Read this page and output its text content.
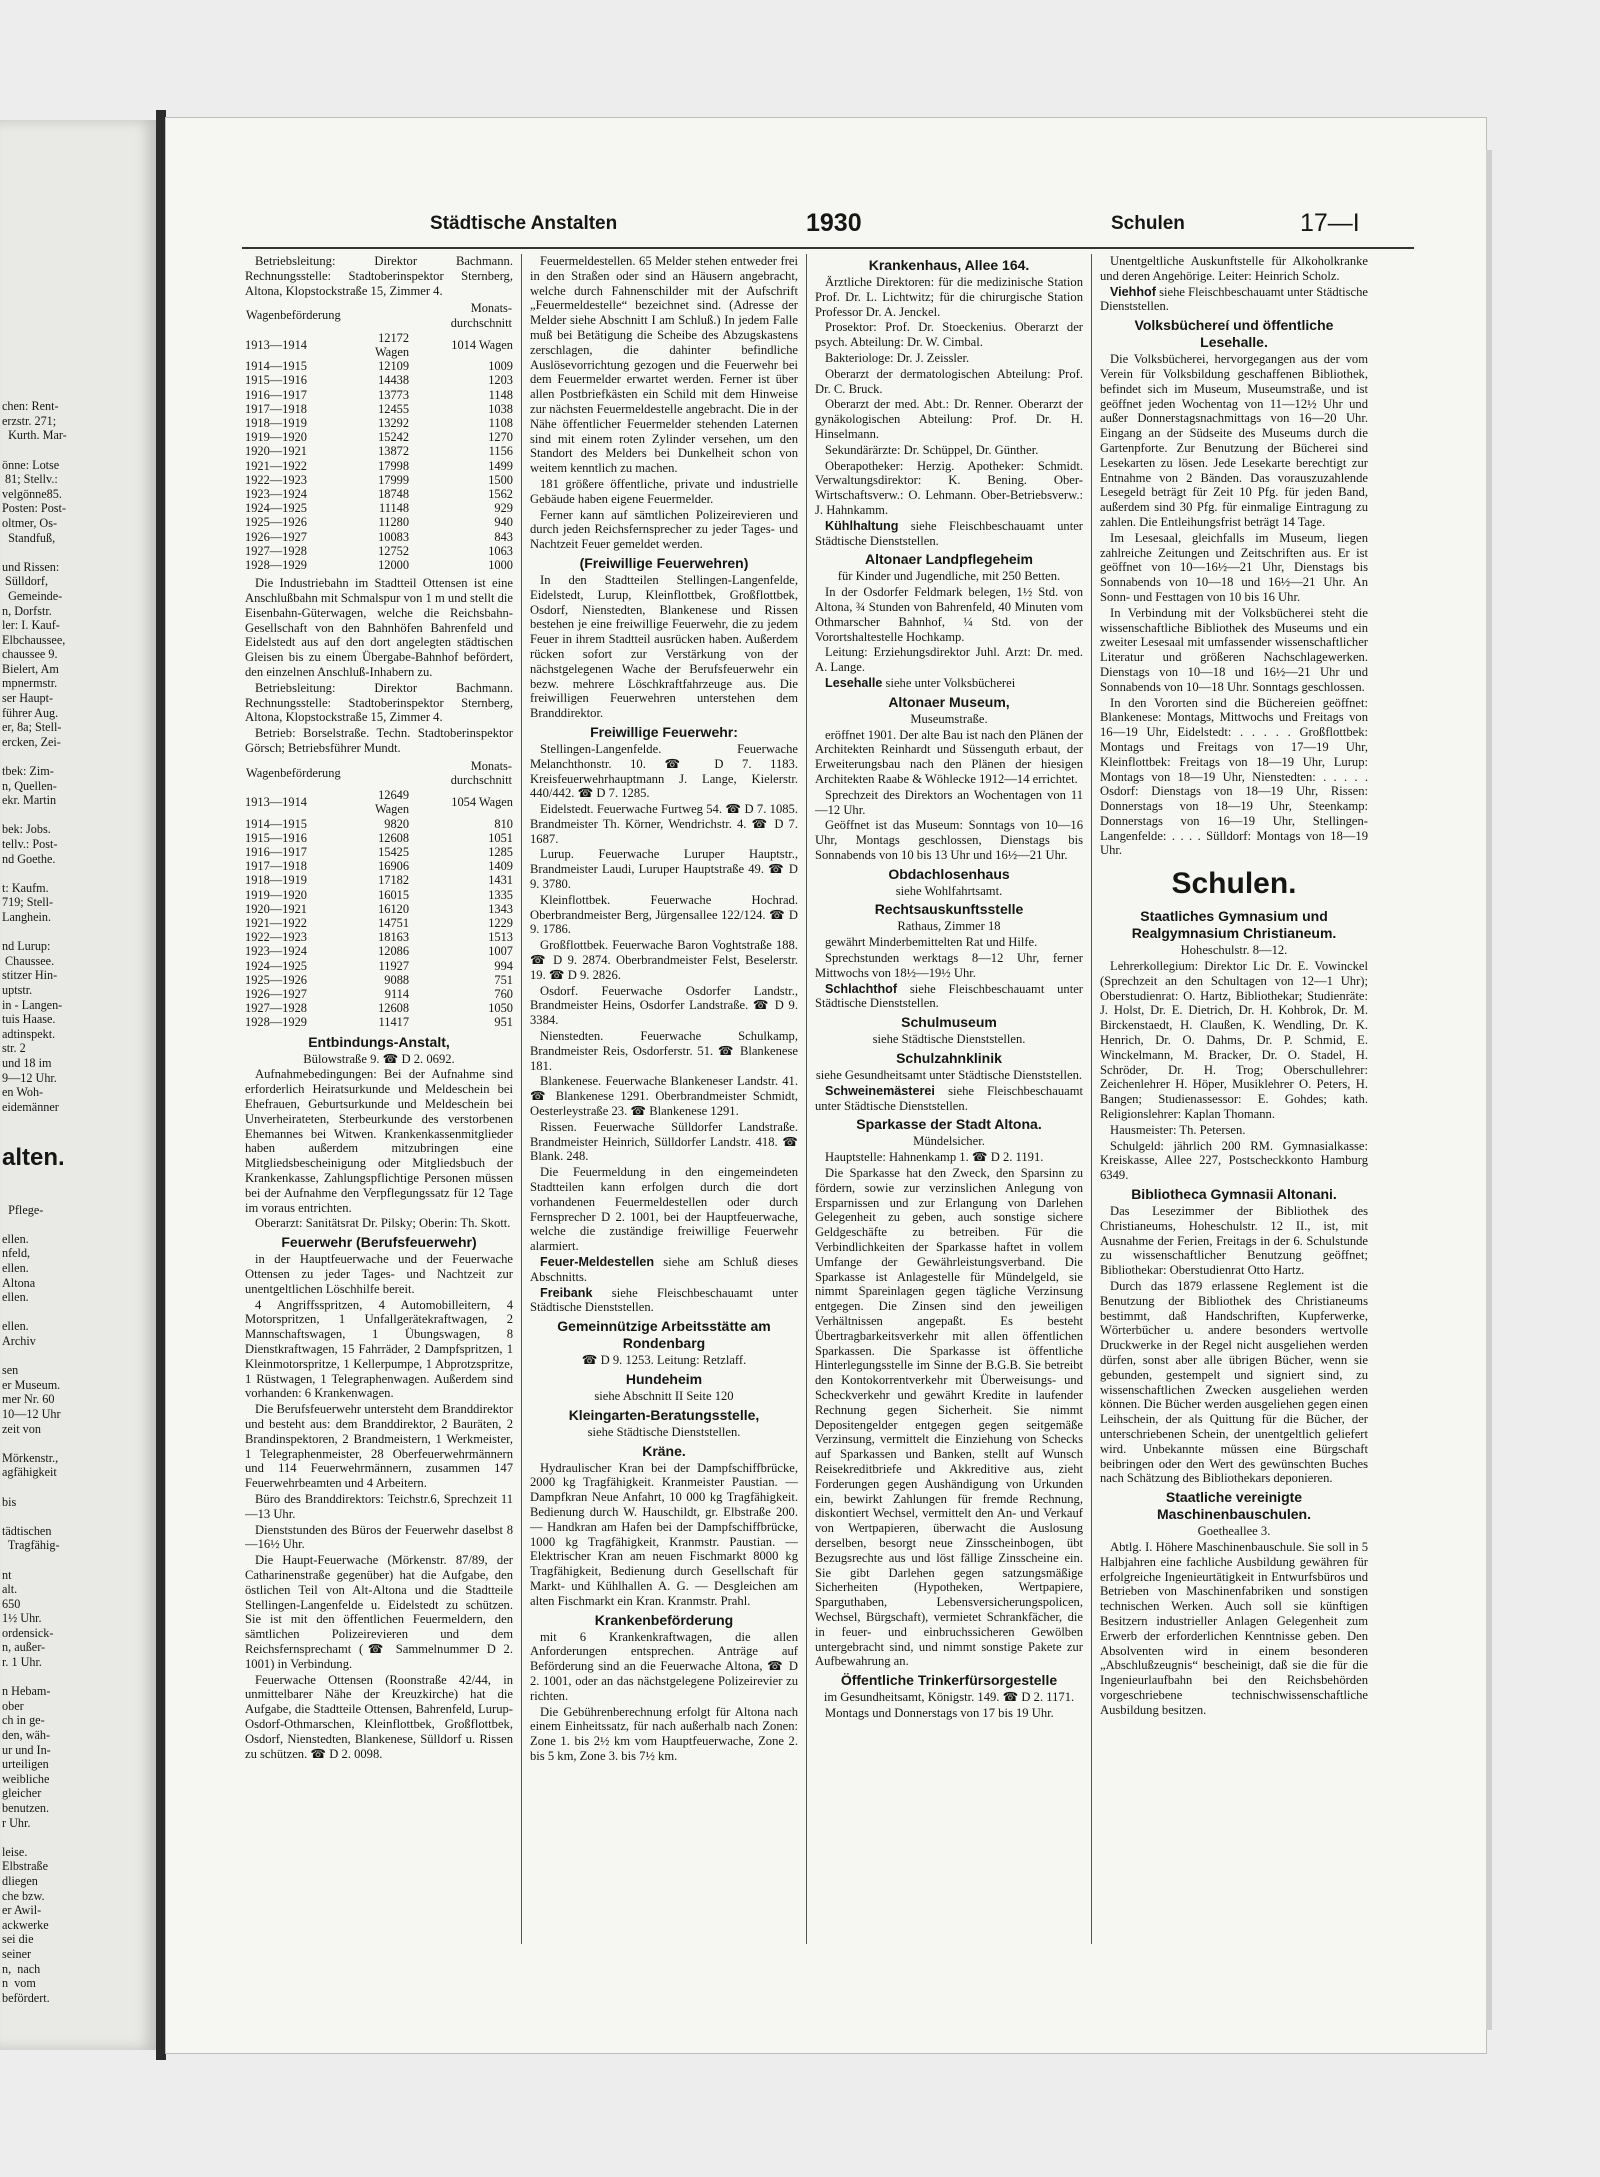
chen: Rent-
erzstr. 271;
Kurth. Mar-

önne: Lotse
81; Stellv.:
velgönne85.
Posten: Post-
oltmer, Os-
Standfuß,

und Rissen:
Sülldorf,
Gemeinde-
n, Dorfstr.
ler: I. Kauf-
Elbchaussee,
chaussee 9.
Bielert, Am
mpnermstr.
ser Haupt-
führer Aug.
er, 8a; Stell-
ercken, Zei-

tbek: Zim-
n, Quellen-
ekr. Martin

bek: Jobs.
tellv.: Post-
nd Goethe.

t: Kaufm.
719; Stell-
Langhein.

nd Lurup:
Chaussee.
stitzer Hin-
uptstr.
in - Langen-
tuis Haase.
adtinspekt.
str. 2
und 18 im
9—12 Uhr.
en Woh-
eidemänner

alten.

Pflege-

ellen.
nfeld,
ellen.
Altona
ellen.

ellen.
Archiv

sen
er Museum.
mer Nr. 60
10—12 Uhr
zeit von

Mörkenstr.,
agfähigkeit

bis

tädtischen
Tragfähig-

nt
alt.
650
1½ Uhr.
ordensick-
n, außer-
r. 1 Uhr.

n Hebam-
ober
ch in ge-
den, wäh-
ur und In-
urteiligen
weibliche
gleicher
benutzen.
r Uhr.

leise.
Elbstraße
dliegen
che bzw.
er Awil-
ackwerke
sei die
seiner
n,  nach
n  vom
befördert.

Städtische Anstalten	1930	Schulen	17—I

Betriebsleitung: Direktor Bachmann. Rechnungsstelle: Stadtoberinspektor Sternberg, Altona, Klopstockstraße 15, Zimmer 4.

Wagenbeförderung		Monats-durchschnitt
1913—1914	12172 Wagen	1014 Wagen
1914—1915	12109	1009
1915—1916	14438	1203
1916—1917	13773	1148
1917—1918	12455	1038
1918—1919	13292	1108
1919—1920	15242	1270
1920—1921	13872	1156
1921—1922	17998	1499
1922—1923	17999	1500
1923—1924	18748	1562
1924—1925	11148	929
1925—1926	11280	940
1926—1927	10083	843
1927—1928	12752	1063
1928—1929	12000	1000

Die Industriebahn im Stadtteil Ottensen ist eine Anschlußbahn mit Schmalspur von 1 m und stellt die Eisenbahn-Güterwagen, welche die Reichsbahn-Gesellschaft von den Bahnhöfen Bahrenfeld und Eidelstedt aus auf den dort angelegten städtischen Gleisen bis zu einem Übergabe-Bahnhof befördert, den einzelnen Anschluß-Inhabern zu.

Betriebsleitung: Direktor Bachmann. Rechnungsstelle: Stadtoberinspektor Sternberg, Altona, Klopstockstraße 15, Zimmer 4.

Betrieb: Borselstraße. Techn. Stadtoberinspektor Görsch; Betriebsführer Mundt.

Wagenbeförderung		Monats-durchschnitt
1913—1914	12649 Wagen	1054 Wagen
1914—1915	9820	810
1915—1916	12608	1051
1916—1917	15425	1285
1917—1918	16906	1409
1918—1919	17182	1431
1919—1920	16015	1335
1920—1921	16120	1343
1921—1922	14751	1229
1922—1923	18163	1513
1923—1924	12086	1007
1924—1925	11927	994
1925—1926	9088	751
1926—1927	9114	760
1927—1928	12608	1050
1928—1929	11417	951
Entbindungs-Anstalt,

Bülowstraße 9. ☎ D 2. 0692.

Aufnahmebedingungen: Bei der Aufnahme sind erforderlich Heiratsurkunde und Meldeschein bei Ehefrauen, Geburtsurkunde und Meldeschein bei Unverheirateten, Sterbeurkunde des verstorbenen Ehemannes bei Witwen. Krankenkassenmitglieder haben außerdem mitzubringen eine Mitgliedsbescheinigung oder Mitgliedsbuch der Krankenkasse, Zahlungspflichtige Personen müssen bei der Aufnahme den Verpflegungssatz für 12 Tage im voraus entrichten.

Oberarzt: Sanitätsrat Dr. Pilsky; Oberin: Th. Skott.

Feuerwehr (Berufsfeuerwehr)

in der Hauptfeuerwache und der Feuerwache Ottensen zu jeder Tages- und Nachtzeit zur unentgeltlichen Löschhilfe bereit.

4 Angriffsspritzen, 4 Automobilleitern, 4 Motorspritzen, 1 Unfallgerätekraftwagen, 2 Mannschaftswagen, 1 Übungswagen, 8 Dienstkraftwagen, 15 Fahrräder, 2 Dampfspritzen, 1 Kleinmotorspritze, 1 Kellerpumpe, 1 Abprotzspritze, 1 Rüstwagen, 1 Telegraphenwagen. Außerdem sind vorhanden: 6 Krankenwagen.

Die Berufsfeuerwehr untersteht dem Branddirektor und besteht aus: dem Branddirektor, 2 Bauräten, 2 Brandinspektoren, 2 Brandmeistern, 1 Werkmeister, 1 Telegraphenmeister, 28 Oberfeuerwehrmännern und 114 Feuerwehrmännern, zusammen 147 Feuerwehrbeamten und 4 Arbeitern.

Büro des Branddirektors: Teichstr.6, Sprechzeit 11—13 Uhr.

Dienststunden des Büros der Feuerwehr daselbst 8—16½ Uhr.

Die Haupt-Feuerwache (Mörkenstr. 87/89, der Catharinenstraße gegenüber) hat die Aufgabe, den östlichen Teil von Alt-Altona und die Stadtteile Stellingen-Langenfelde u. Eidelstedt zu schützen. Sie ist mit den öffentlichen Feuermeldern, den sämtlichen Polizeirevieren und dem Reichsfernsprechamt (☎ Sammelnummer D 2. 1001) in Verbindung.

Feuerwache Ottensen (Roonstraße 42/44, in unmittelbarer Nähe der Kreuzkirche) hat die Aufgabe, die Stadtteile Ottensen, Bahrenfeld, Lurup-Osdorf-Othmarschen, Kleinflottbek, Großflottbek, Osdorf, Nienstedten, Blankenese, Sülldorf u. Rissen zu schützen. ☎ D 2. 0098.

Feuermeldestellen. 65 Melder stehen entweder frei in den Straßen oder sind an Häusern angebracht, welche durch Fahnenschilder mit der Aufschrift „Feuermeldestelle“ bezeichnet sind. (Adresse der Melder siehe Abschnitt I am Schluß.) In jedem Falle muß bei Betätigung die Scheibe des Abzugskastens zerschlagen, die dahinter befindliche Auslösevorrichtung gezogen und die Feuerwehr bei dem Feuermelder erwartet werden. Ferner ist über allen Postbriefkästen ein Schild mit dem Hinweise zur nächsten Feuermeldestelle angebracht. Die in der Nähe öffentlicher Feuermelder stehenden Laternen sind mit einem roten Zylinder versehen, um den Standort des Melders bei Dunkelheit schon von weitem kenntlich zu machen.

181 größere öffentliche, private und industrielle Gebäude haben eigene Feuermelder.

Ferner kann auf sämtlichen Polizeirevieren und durch jeden Reichsfernsprecher zu jeder Tages- und Nachtzeit Feuer gemeldet werden.

(Freiwillige Feuerwehren)

In den Stadtteilen Stellingen-Langenfelde, Eidelstedt, Lurup, Kleinflottbek, Großflottbek, Osdorf, Nienstedten, Blankenese und Rissen bestehen je eine freiwillige Feuerwehr, die zu jedem Feuer in ihrem Stadtteil ausrücken haben. Außerdem rücken sofort zur Verstärkung von der nächstgelegenen Wache der Berufsfeuerwehr ein bezw. mehrere Löschkraftfahrzeuge aus. Die freiwilligen Feuerwehren unterstehen dem Branddirektor.

Freiwillige Feuerwehr:

Stellingen-Langenfelde. Feuerwache Melanchthonstr. 10. ☎ D 7. 1183. Kreisfeuerwehrhauptmann J. Lange, Kielerstr. 440/442. ☎ D 7. 1285.

Eidelstedt. Feuerwache Furtweg 54. ☎ D 7. 1085. Brandmeister Th. Körner, Wendrichstr. 4. ☎ D 7. 1687.

Lurup. Feuerwache Luruper Hauptstr., Brandmeister Laudi, Luruper Hauptstraße 49. ☎ D 9. 3780.

Kleinflottbek. Feuerwache Hochrad. Oberbrandmeister Berg, Jürgensallee 122/124. ☎ D 9. 1786.

Großflottbek. Feuerwache Baron Voghtstraße 188. ☎ D 9. 2874. Oberbrandmeister Felst, Beselerstr. 19. ☎ D 9. 2826.

Osdorf. Feuerwache Osdorfer Landstr., Brandmeister Heins, Osdorfer Landstraße. ☎ D 9. 3384.

Nienstedten. Feuerwache Schulkamp, Brandmeister Reis, Osdorferstr. 51. ☎ Blankenese 181.

Blankenese. Feuerwache Blankeneser Landstr. 41. ☎ Blankenese 1291. Oberbrandmeister Schmidt, Oesterleystraße 23. ☎ Blankenese 1291.

Rissen. Feuerwache Sülldorfer Landstraße. Brandmeister Heinrich, Sülldorfer Landstr. 418. ☎ Blank. 248.

Die Feuermeldung in den eingemeindeten Stadtteilen kann erfolgen durch die dort vorhandenen Feuermeldestellen oder durch Fernsprecher D 2. 1001, bei der Hauptfeuerwache, welche die zuständige freiwillige Feuerwehr alarmiert.

Feuer-Meldestellen siehe am Schluß dieses Abschnitts.

Freibank siehe Fleischbeschauamt unter Städtische Dienststellen.

Gemeinnützige Arbeitsstätte am Rondenbarg

☎ D 9. 1253. Leitung: Retzlaff.

Hundeheim

siehe Abschnitt II Seite 120

Kleingarten-Beratungsstelle,

siehe Städtische Dienststellen.

Kräne.

Hydraulischer Kran bei der Dampfschiffbrücke, 2000 kg Tragfähigkeit. Kranmeister Paustian. — Dampfkran Neue Anfahrt, 10 000 kg Tragfähigkeit. Bedienung durch W. Hauschildt, gr. Elbstraße 200. — Handkran am Hafen bei der Dampfschiffbrücke, 1000 kg Tragfähigkeit, Kranmstr. Paustian. — Elektrischer Kran am neuen Fischmarkt 8000 kg Tragfähigkeit, Bedienung durch Gesellschaft für Markt- und Kühlhallen A. G. — Desgleichen am alten Fischmarkt ein Kran. Kranmstr. Prahl.

Krankenbeförderung

mit 6 Krankenkraftwagen, die allen Anforderungen entsprechen. Anträge auf Beförderung sind an die Feuerwache Altona, ☎ D 2. 1001, oder an das nächstgelegene Polizeirevier zu richten.

Die Gebührenberechnung erfolgt für Altona nach einem Einheitssatz, für nach außerhalb nach Zonen: Zone 1. bis 2½ km vom Hauptfeuerwache, Zone 2. bis 5 km, Zone 3. bis 7½ km.

Krankenhaus, Allee 164.

Ärztliche Direktoren: für die medizinische Station Prof. Dr. L. Lichtwitz; für die chirurgische Station Professor Dr. A. Jenckel.

Prosektor: Prof. Dr. Stoeckenius. Oberarzt der psych. Abteilung: Dr. W. Cimbal.

Bakteriologe: Dr. J. Zeissler.

Oberarzt der dermatologischen Abteilung: Prof. Dr. C. Bruck.

Oberarzt der med. Abt.: Dr. Renner. Oberarzt der gynäkologischen Abteilung: Prof. Dr. H. Hinselmann.

Sekundärärzte: Dr. Schüppel, Dr. Günther.

Oberapotheker: Herzig. Apotheker: Schmidt. Verwaltungsdirektor: K. Bening. Ober-Wirtschaftsverw.: O. Lehmann. Ober-Betriebsverw.: J. Hahnkamm.

Kühlhaltung siehe Fleischbeschauamt unter Städtische Dienststellen.

Altonaer Landpflegeheim

für Kinder und Jugendliche, mit 250 Betten.

In der Osdorfer Feldmark belegen, 1½ Std. von Altona, ¾ Stunden von Bahrenfeld, 40 Minuten vom Othmarscher Bahnhof, ¼ Std. von der Vorortshaltestelle Hochkamp.

Leitung: Erziehungsdirektor Juhl. Arzt: Dr. med. A. Lange.

Lesehalle siehe unter Volksbücherei

Altonaer Museum,

Museumstraße.

eröffnet 1901. Der alte Bau ist nach den Plänen der Architekten Reinhardt und Süssenguth erbaut, der Erweiterungsbau nach den Plänen der hiesigen Architekten Raabe & Wöhlecke 1912—14 errichtet.

Sprechzeit des Direktors an Wochentagen von 11—12 Uhr.

Geöffnet ist das Museum: Sonntags von 10—16 Uhr, Montags geschlossen, Dienstags bis Sonnabends von 10 bis 13 Uhr und 16½—21 Uhr.

Obdachlosenhaus

siehe Wohlfahrtsamt.

Rechtsauskunftsstelle

Rathaus, Zimmer 18

gewährt Minderbemittelten Rat und Hilfe.

Sprechstunden werktags 8—12 Uhr, ferner Mittwochs von 18½—19½ Uhr.

Schlachthof siehe Fleischbeschauamt unter Städtische Dienststellen.

Schulmuseum

siehe Städtische Dienststellen.

Schulzahnklinik

siehe Gesundheitsamt unter Städtische Dienststellen.

Schweinemästerei siehe Fleischbeschauamt unter Städtische Dienststellen.

Sparkasse der Stadt Altona.

Mündelsicher.

Hauptstelle: Hahnenkamp 1. ☎ D 2. 1191.

Die Sparkasse hat den Zweck, den Sparsinn zu fördern, sowie zur verzinslichen Anlegung von Ersparnissen und zur Erlangung von Darlehen Gelegenheit zu geben, auch sonstige sichere Geldgeschäfte zu betreiben. Für die Verbindlichkeiten der Sparkasse haftet in vollem Umfange der Gewährleistungsverband. Die Sparkasse ist Anlagestelle für Mündelgeld, sie nimmt Spareinlagen gegen tägliche Verzinsung entgegen. Die Zinsen sind den jeweiligen Verhältnissen angepaßt. Es besteht Übertragbarkeitsverkehr mit allen öffentlichen Sparkassen. Die Sparkasse ist öffentliche Hinterlegungsstelle im Sinne der B.G.B. Sie betreibt den Kontokorrentverkehr mit Überweisungs- und Scheckverkehr und gewährt Kredite in laufender Rechnung gegen Sicherheit. Sie nimmt Depositengelder entgegen gegen seitgemäße Verzinsung, vermittelt die Einziehung von Schecks auf Sparkassen und Banken, stellt auf Wunsch Reisekreditbriefe und Akkreditive aus, zieht Forderungen gegen Aushändigung von Urkunden ein, bewirkt Zahlungen für fremde Rechnung, diskontiert Wechsel, vermittelt den An- und Verkauf von Wertpapieren, überwacht die Auslosung derselben, besorgt neue Zinsscheinbogen, übt Bezugsrechte aus und löst fällige Zinsscheine ein. Sie gibt Darlehen gegen satzungsmäßige Sicherheiten (Hypotheken, Wertpapiere, Sparguthaben, Lebensversicherungspolicen, Wechsel, Bürgschaft), vermietet Schrankfächer, die in feuer- und einbruchssicheren Gewölben untergebracht sind, und nimmt sonstige Pakete zur Aufbewahrung an.

Öffentliche Trinkerfürsorgestelle

im Gesundheitsamt, Königstr. 149. ☎ D 2. 1171.

Montags und Donnerstags von 17 bis 19 Uhr.

Unentgeltliche Auskunftstelle für Alkoholkranke und deren Angehörige. Leiter: Heinrich Scholz.

Viehhof siehe Fleischbeschauamt unter Städtische Dienststellen.

Volksbüchereí und öffentliche Lesehalle.

Die Volksbücherei, hervorgegangen aus der vom Verein für Volksbildung geschaffenen Bibliothek, befindet sich im Museum, Museumstraße, und ist geöffnet jeden Wochentag von 11—12½ Uhr und außer Donnerstagsnachmittags von 16—20 Uhr. Eingang an der Südseite des Museums durch die Gartenpforte. Zur Benutzung der Bücherei sind Lesekarten zu lösen. Jede Lesekarte berechtigt zur Entnahme von 2 Bänden. Das vorauszuzahlende Lesegeld beträgt für Zeit 10 Pfg. für jeden Band, außerdem sind 30 Pfg. für einmalige Eintragung zu zahlen. Die Entleihungsfrist beträgt 14 Tage.

Im Lesesaal, gleichfalls im Museum, liegen zahlreiche Zeitungen und Zeitschriften aus. Er ist geöffnet von 10—16½—21 Uhr, Dienstags bis Sonnabends von 10—18 und 16½—21 Uhr. An Sonn- und Festtagen von 10 bis 16 Uhr.

In Verbindung mit der Volksbücherei steht die wissenschaftliche Bibliothek des Museums und ein zweiter Lesesaal mit umfassender wissenschaftlicher Literatur und größeren Nachschlagewerken. Dienstags von 10—18 und 16½—21 Uhr und Sonnabends von 10—18 Uhr. Sonntags geschlossen.

In den Vororten sind die Büchereien geöffnet: Blankenese: Montags, Mittwochs und Freitags von 16—19 Uhr, Eidelstedt: . . . . . Großflottbek: Montags und Freitags von 17—19 Uhr, Kleinflottbek: Freitags von 18—19 Uhr, Lurup: Montags von 18—19 Uhr, Nienstedten: . . . . . Osdorf: Dienstags von 18—19 Uhr, Rissen: Donnerstags von 18—19 Uhr, Steenkamp: Donnerstags von 16—19 Uhr, Stellingen-Langenfelde: . . . . Sülldorf: Montags von 18—19 Uhr.

Schulen.
Staatliches Gymnasium und Realgymnasium Christianeum.

Hoheschulstr. 8—12.

Lehrerkollegium: Direktor Lic Dr. E. Vowinckel (Sprechzeit an den Schultagen von 12—1 Uhr); Oberstudienrat: O. Hartz, Bibliothekar; Studienräte: J. Holst, Dr. E. Dietrich, Dr. H. Kohbrok, Dr. M. Birckenstaedt, H. Claußen, K. Wendling, Dr. K. Henrich, Dr. O. Dahms, Dr. P. Schmid, E. Winckelmann, M. Bracker, Dr. O. Stadel, H. Schröder, Dr. H. Trog; Oberschullehrer: Zeichenlehrer H. Höper, Musiklehrer O. Peters, H. Bangen; Studienassessor: E. Gohdes; kath. Religionslehrer: Kaplan Thomann.

Hausmeister: Th. Petersen.

Schulgeld: jährlich 200 RM. Gymnasialkasse: Kreiskasse, Allee 227, Postscheckkonto Hamburg 6349.

Bibliotheca Gymnasii Altonani.

Das Lesezimmer der Bibliothek des Christianeums, Hoheschulstr. 12 II., ist, mit Ausnahme der Ferien, Freitags in der 6. Schulstunde zu wissenschaftlicher Benutzung geöffnet; Bibliothekar: Oberstudienrat Otto Hartz.

Durch das 1879 erlassene Reglement ist die Benutzung der Bibliothek des Christianeums bestimmt, daß Handschriften, Kupferwerke, Wörterbücher u. andere besonders wertvolle Druckwerke in der Regel nicht ausgeliehen werden dürfen, sonst aber alle übrigen Bücher, wenn sie gebunden, gestempelt und signiert sind, zu wissenschaftlichen Zwecken ausgeliehen werden können. Die Bücher werden ausgeliehen gegen einen Leihschein, der als Quittung für die Bücher, der unterschriebenen Schein, der unentgeltlich geliefert wird. Unbekannte müssen eine Bürgschaft beibringen oder den Wert des gewünschten Buches nach Schätzung des Bibliothekars deponieren.

Staatliche vereinigte Maschinenbauschulen.

Goetheallee 3.

Abtlg. I. Höhere Maschinenbauschule. Sie soll in 5 Halbjahren eine fachliche Ausbildung gewähren für erfolgreiche Ingenieurtätigkeit in Entwurfsbüros und Betrieben von Maschinenfabriken und sonstigen technischen Werken. Auch soll sie künftigen Besitzern industrieller Anlagen Gelegenheit zum Erwerb der erforderlichen Kenntnisse geben. Den Absolventen wird in einem besonderen „Abschlußzeugnis“ bescheinigt, daß sie die für die Ingenieurlaufbahn bei den Reichsbehörden vorgeschriebene technischwissenschaftliche Ausbildung besitzen.
